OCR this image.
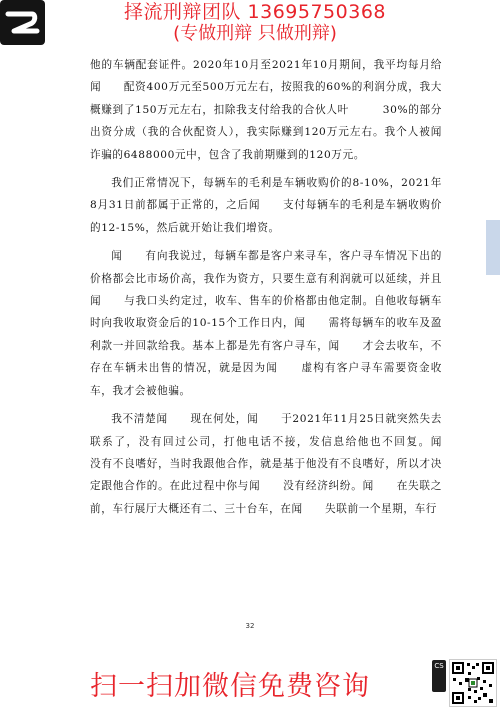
择流刑辩团队 13695750368
(专做刑辩 只做刑辩)

他的车辆配套证件。2020年10月至2021年10月期间，我平均每月给闻　　配资400万元至500万元左右，按照我的60%的利润分成，我大概赚到了150万元左右，扣除我支付给我的合伙人叶　　　30%的部分出资分成（我的合伙配资人），我实际赚到120万元左右。我个人被闻　　　诈骗的6488000元中，包含了我前期赚到的120万元。

我们正常情况下，每辆车的毛利是车辆收购价的8-10%，2021年8月31日前都属于正常的，之后闻　　支付每辆车的毛利是车辆收购价的12-15%，然后就开始让我们增资。

闻　　有向我说过，每辆车都是客户来寻车，客户寻车情况下出的价格都会比市场价高，我作为资方，只要生意有利润就可以延续，并且闻　　与我口头约定过，收车、售车的价格都由他定制。自他收每辆车时向我收取资金后的10-15个工作日内，闻　　需将每辆车的收车及盈利款一并回款给我。基本上都是先有客户寻车，闻　　才会去收车，不存在车辆未出售的情况，就是因为闻　　虚构有客户寻车需要资金收车，我才会被他骗。

我不清楚闻　　现在何处，闻　　于2021年11月25日就突然失去联系了，没有回过公司，打他电话不接，发信息给他也不回复。闻　　没有不良嗜好，当时我跟他合作，就是基于他没有不良嗜好，所以才决定跟他合作的。在此过程中你与闻　　没有经济纠纷。闻　　在失联之前，车行展厅大概还有二、三十台车，在闻　　失联前一个星期，车行

32
扫一扫加微信免费咨询
CS
